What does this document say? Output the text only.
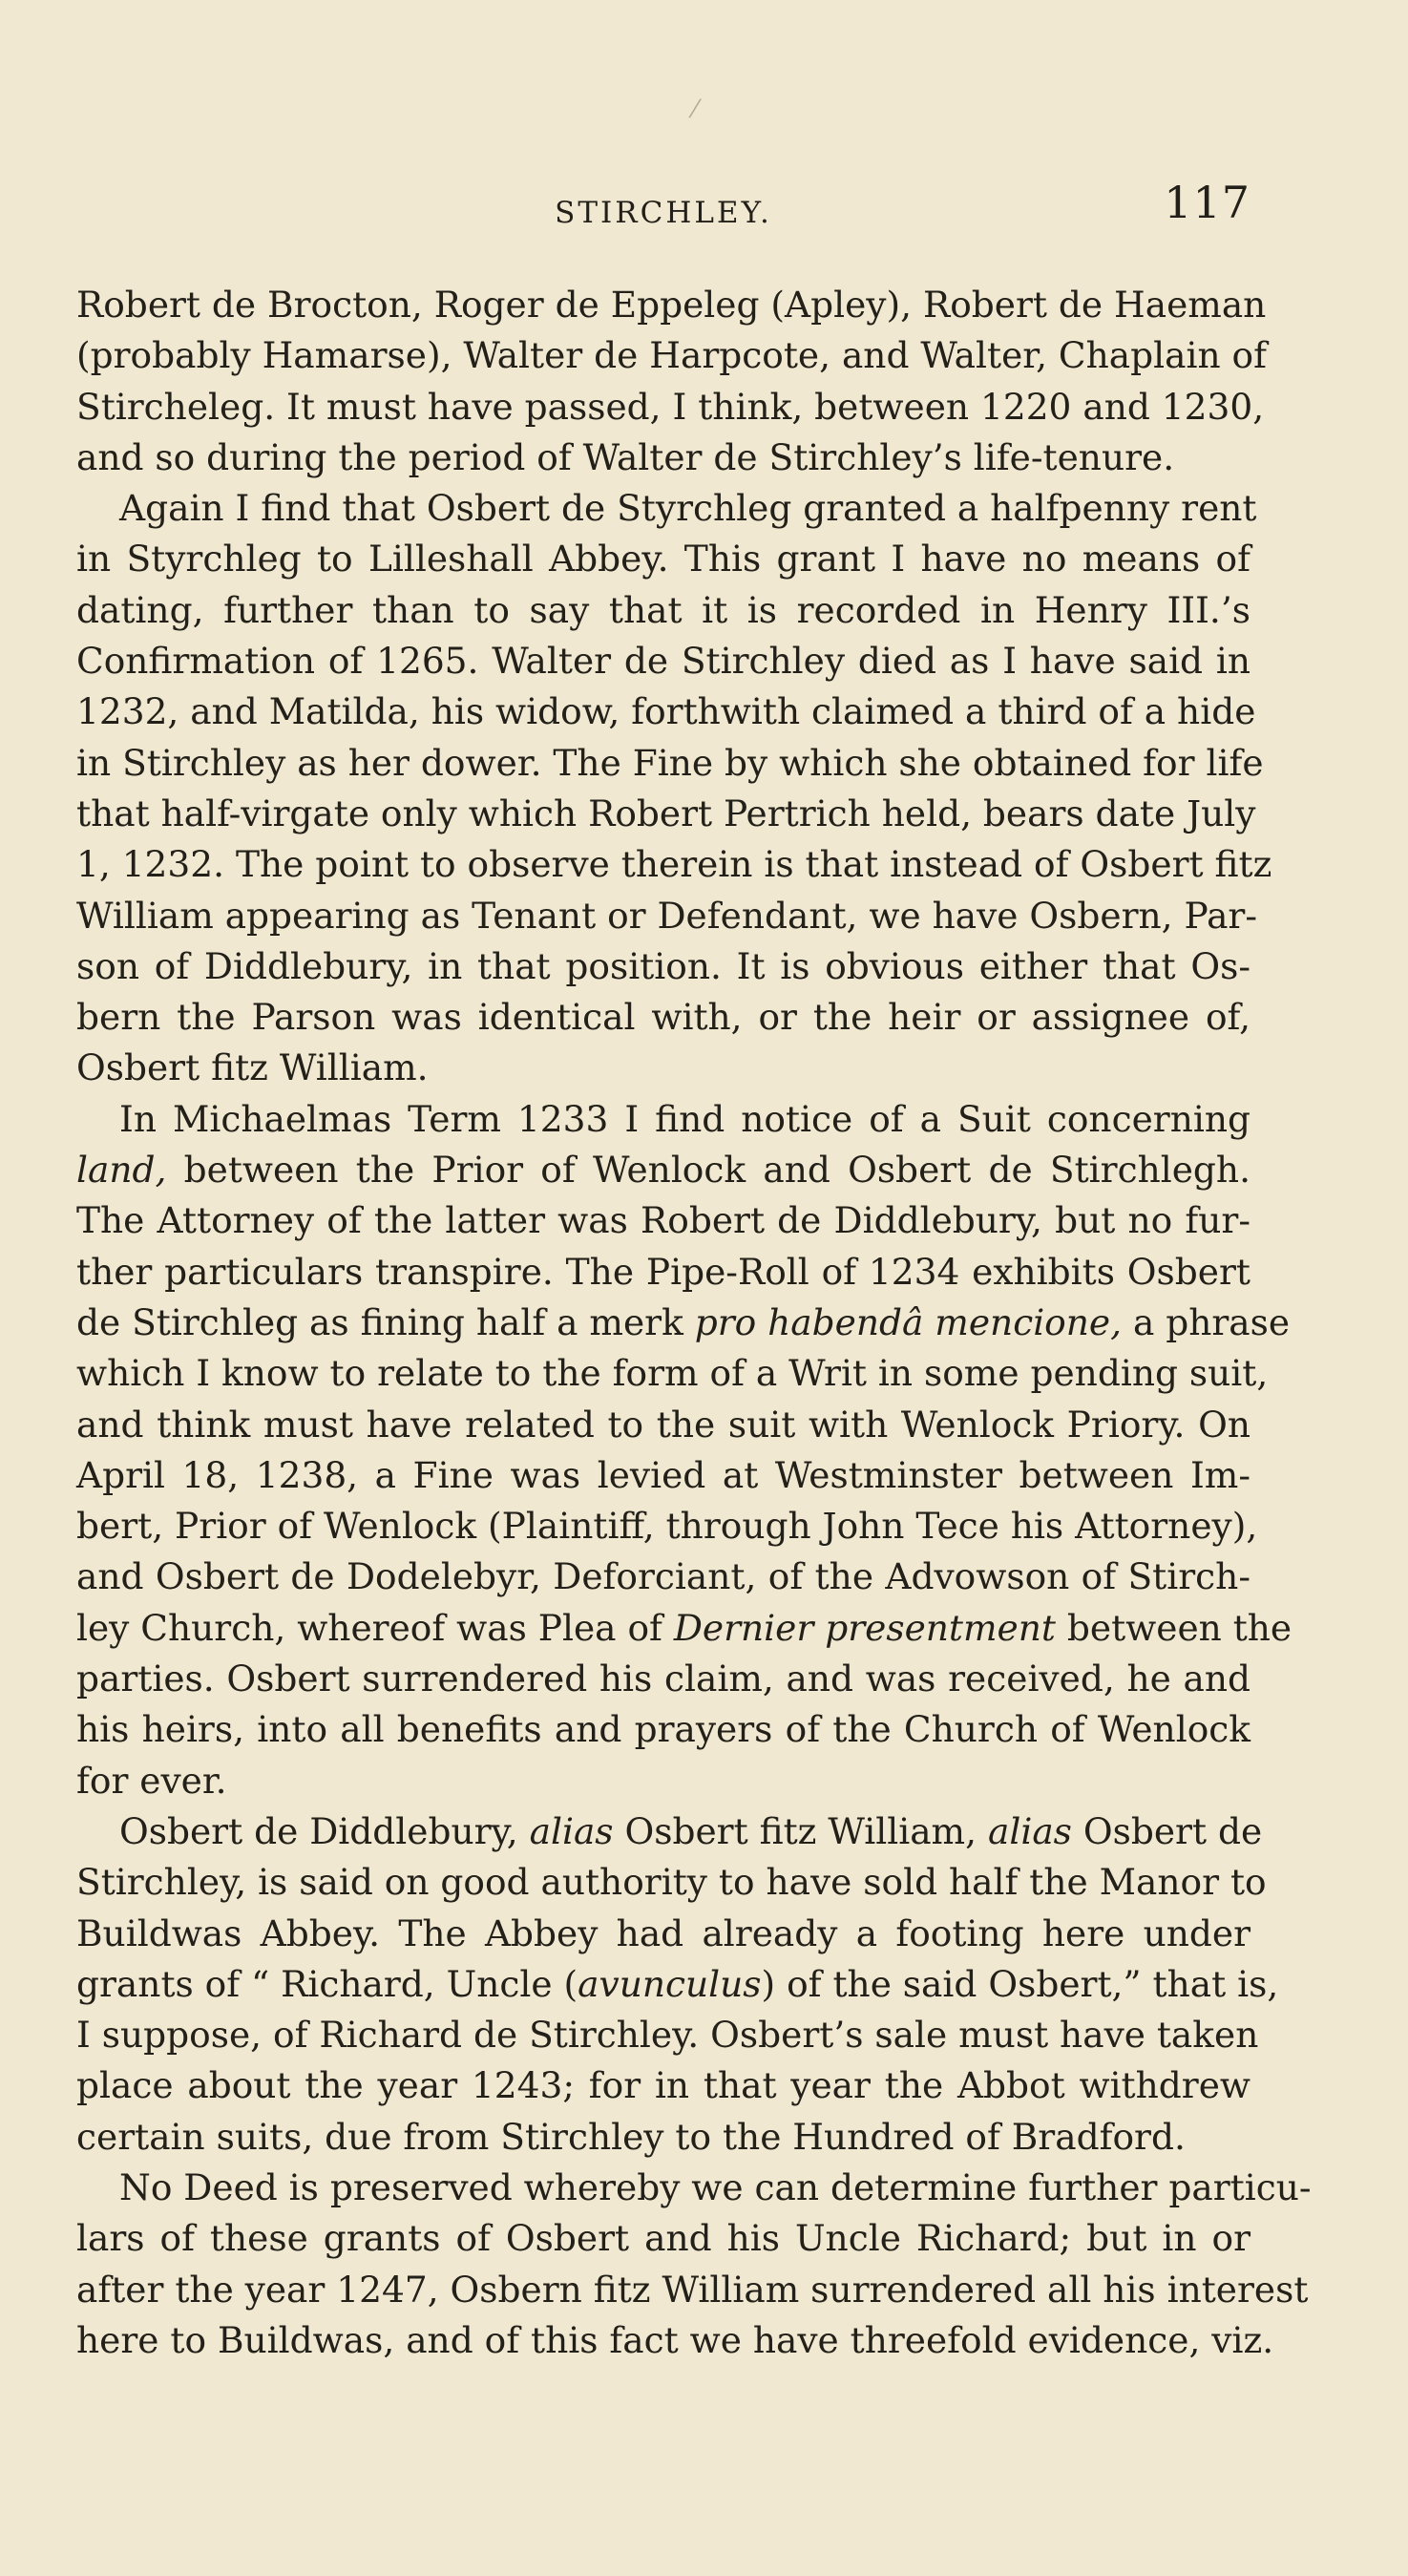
⁄
STIRCHLEY.	117
Robert de Brocton, Roger de Eppeleg (Apley), Robert de Haeman
(probably Hamarse), Walter de Harpcote, and Walter, Chaplain of
Stircheleg. It must have passed, I think, between 1220 and 1230,
and so during the period of Walter de Stirchley’s life-tenure.
Again I find that Osbert de Styrchleg granted a halfpenny rent
in Styrchleg to Lilleshall Abbey. This grant I have no means of
dating, further than to say that it is recorded in Henry III.’s
Confirmation of 1265. Walter de Stirchley died as I have said in
1232, and Matilda, his widow, forthwith claimed a third of a hide
in Stirchley as her dower. The Fine by which she obtained for life
that half-virgate only which Robert Pertrich held, bears date July
1, 1232. The point to observe therein is that instead of Osbert fitz
William appearing as Tenant or Defendant, we have Osbern, Par-
son of Diddlebury, in that position. It is obvious either that Os-
bern the Parson was identical with, or the heir or assignee of,
Osbert fitz William.
In Michaelmas Term 1233 I find notice of a Suit concerning
land, between the Prior of Wenlock and Osbert de Stirchlegh.
The Attorney of the latter was Robert de Diddlebury, but no fur-
ther particulars transpire. The Pipe-Roll of 1234 exhibits Osbert
de Stirchleg as fining half a merk pro habendâ mencione, a phrase
which I know to relate to the form of a Writ in some pending suit,
and think must have related to the suit with Wenlock Priory. On
April 18, 1238, a Fine was levied at Westminster between Im-
bert, Prior of Wenlock (Plaintiff, through John Tece his Attorney),
and Osbert de Dodelebyr, Deforciant, of the Advowson of Stirch-
ley Church, whereof was Plea of Dernier presentment between the
parties. Osbert surrendered his claim, and was received, he and
his heirs, into all benefits and prayers of the Church of Wenlock
for ever.
Osbert de Diddlebury, alias Osbert fitz William, alias Osbert de
Stirchley, is said on good authority to have sold half the Manor to
Buildwas Abbey. The Abbey had already a footing here under
grants of “ Richard, Uncle (avunculus) of the said Osbert,” that is,
I suppose, of Richard de Stirchley. Osbert’s sale must have taken
place about the year 1243; for in that year the Abbot withdrew
certain suits, due from Stirchley to the Hundred of Bradford.
No Deed is preserved whereby we can determine further particu-
lars of these grants of Osbert and his Uncle Richard; but in or
after the year 1247, Osbern fitz William surrendered all his interest
here to Buildwas, and of this fact we have threefold evidence, viz.
